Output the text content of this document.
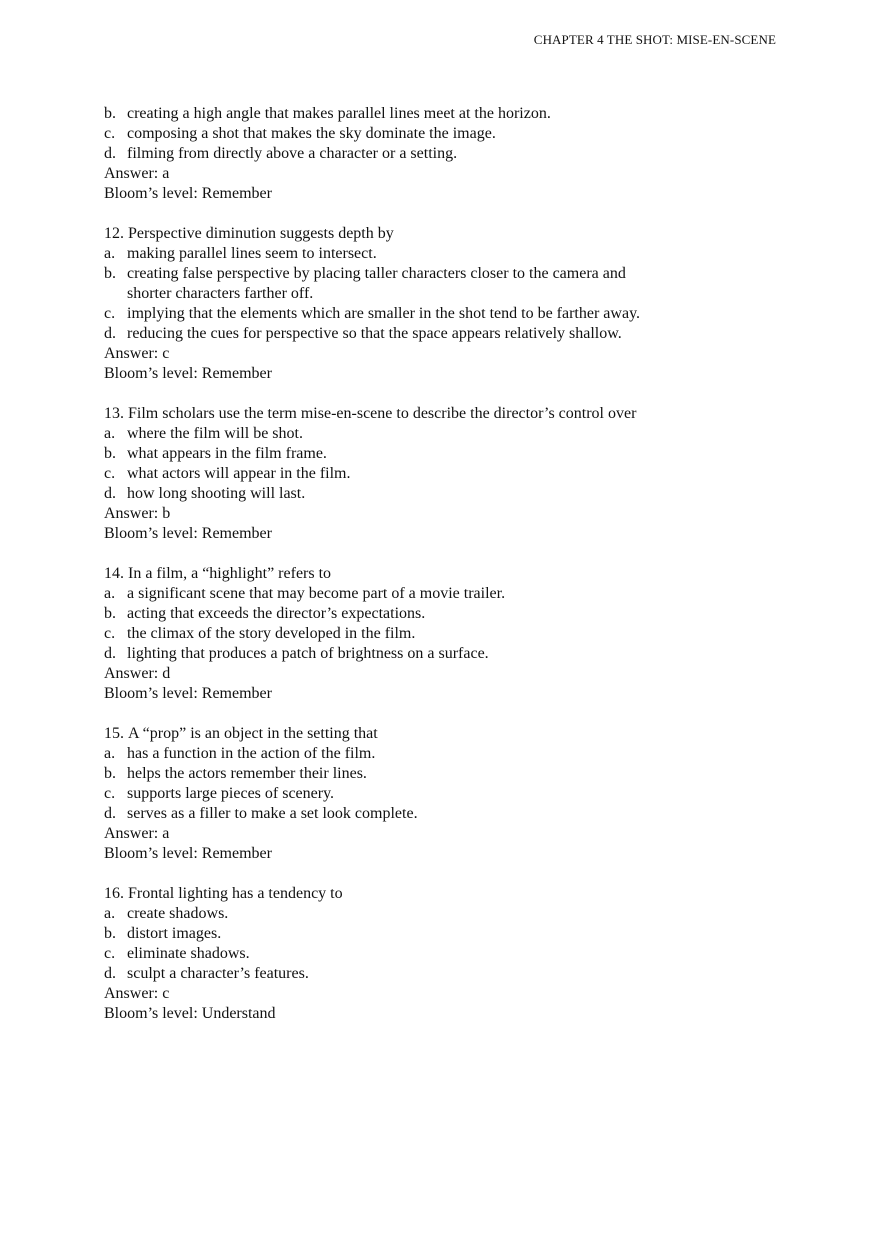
CHAPTER 4 THE SHOT: MISE-EN-SCENE
b. creating a high angle that makes parallel lines meet at the horizon.
c. composing a shot that makes the sky dominate the image.
d. filming from directly above a character or a setting.
Answer: a
Bloom’s level: Remember
12. Perspective diminution suggests depth by
a. making parallel lines seem to intersect.
b. creating false perspective by placing taller characters closer to the camera and
shorter characters farther off.
c. implying that the elements which are smaller in the shot tend to be farther away.
d. reducing the cues for perspective so that the space appears relatively shallow.
Answer: c
Bloom’s level: Remember
13. Film scholars use the term mise-en-scene to describe the director’s control over
a. where the film will be shot.
b. what appears in the film frame.
c. what actors will appear in the film.
d. how long shooting will last.
Answer: b
Bloom’s level: Remember
14. In a film, a “highlight” refers to
a. a significant scene that may become part of a movie trailer.
b. acting that exceeds the director’s expectations.
c. the climax of the story developed in the film.
d. lighting that produces a patch of brightness on a surface.
Answer: d
Bloom’s level: Remember
15. A “prop” is an object in the setting that
a. has a function in the action of the film.
b. helps the actors remember their lines.
c. supports large pieces of scenery.
d. serves as a filler to make a set look complete.
Answer: a
Bloom’s level: Remember
16. Frontal lighting has a tendency to
a. create shadows.
b. distort images.
c. eliminate shadows.
d. sculpt a character’s features.
Answer: c
Bloom’s level: Understand
